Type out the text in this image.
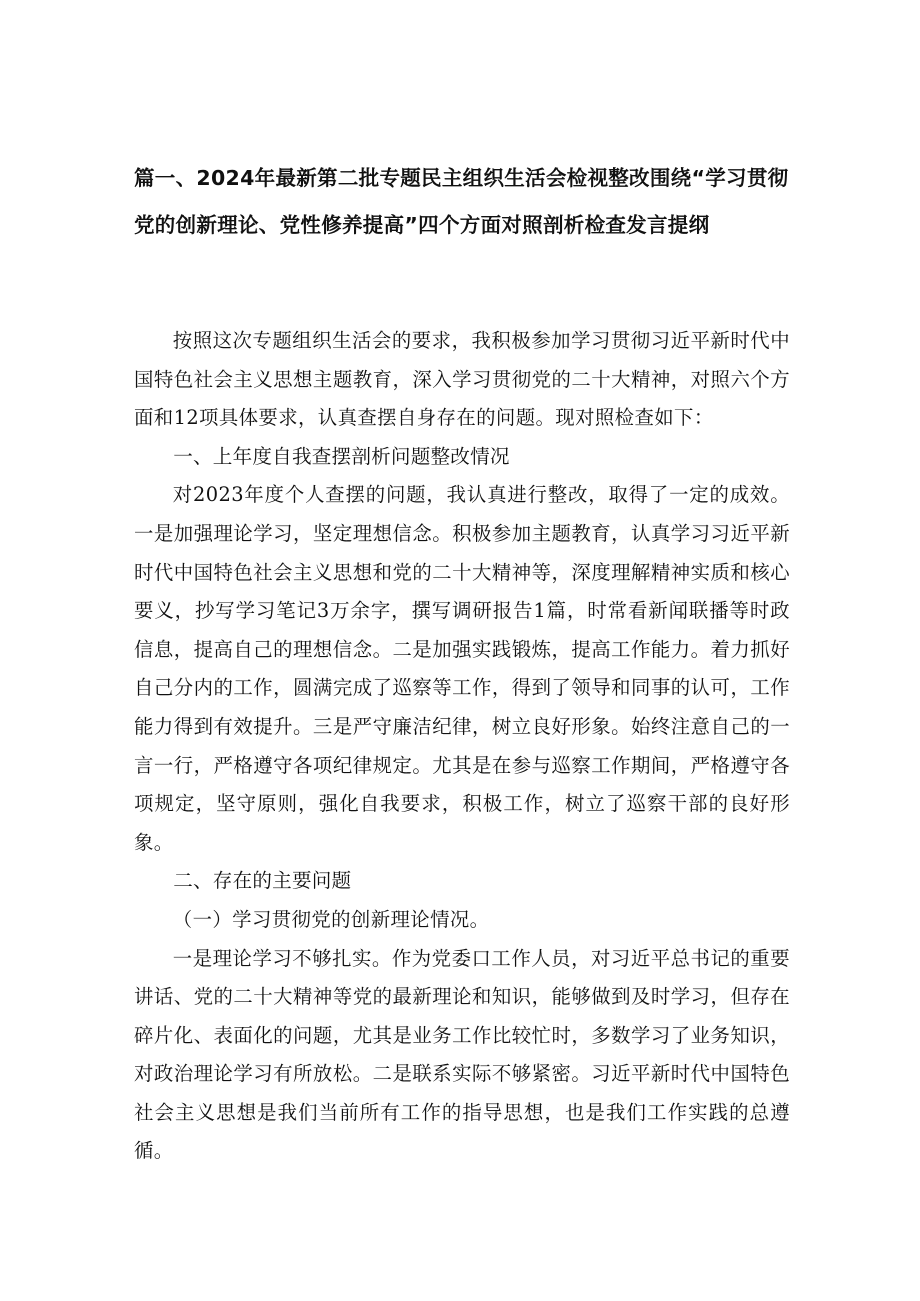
篇一、2024年最新第二批专题民主组织生活会检视整改围绕“学习贯彻党的创新理论、党性修养提高”四个方面对照剖析检查发言提纲

按照这次专题组织生活会的要求，我积极参加学习贯彻习近平新时代中国特色社会主义思想主题教育，深入学习贯彻党的二十大精神，对照六个方面和12项具体要求，认真查摆自身存在的问题。现对照检查如下：

一、上年度自我查摆剖析问题整改情况

对2023年度个人查摆的问题，我认真进行整改，取得了一定的成效。一是加强理论学习，坚定理想信念。积极参加主题教育，认真学习习近平新时代中国特色社会主义思想和党的二十大精神等，深度理解精神实质和核心要义，抄写学习笔记3万余字，撰写调研报告1篇，时常看新闻联播等时政信息，提高自己的理想信念。二是加强实践锻炼，提高工作能力。着力抓好自己分内的工作，圆满完成了巡察等工作，得到了领导和同事的认可，工作能力得到有效提升。三是严守廉洁纪律，树立良好形象。始终注意自己的一言一行，严格遵守各项纪律规定。尤其是在参与巡察工作期间，严格遵守各项规定，坚守原则，强化自我要求，积极工作，树立了巡察干部的良好形象。

二、存在的主要问题

（一）学习贯彻党的创新理论情况。

一是理论学习不够扎实。作为党委口工作人员，对习近平总书记的重要讲话、党的二十大精神等党的最新理论和知识，能够做到及时学习，但存在碎片化、表面化的问题，尤其是业务工作比较忙时，多数学习了业务知识，对政治理论学习有所放松。二是联系实际不够紧密。习近平新时代中国特色社会主义思想是我们当前所有工作的指导思想，也是我们工作实践的总遵循。
